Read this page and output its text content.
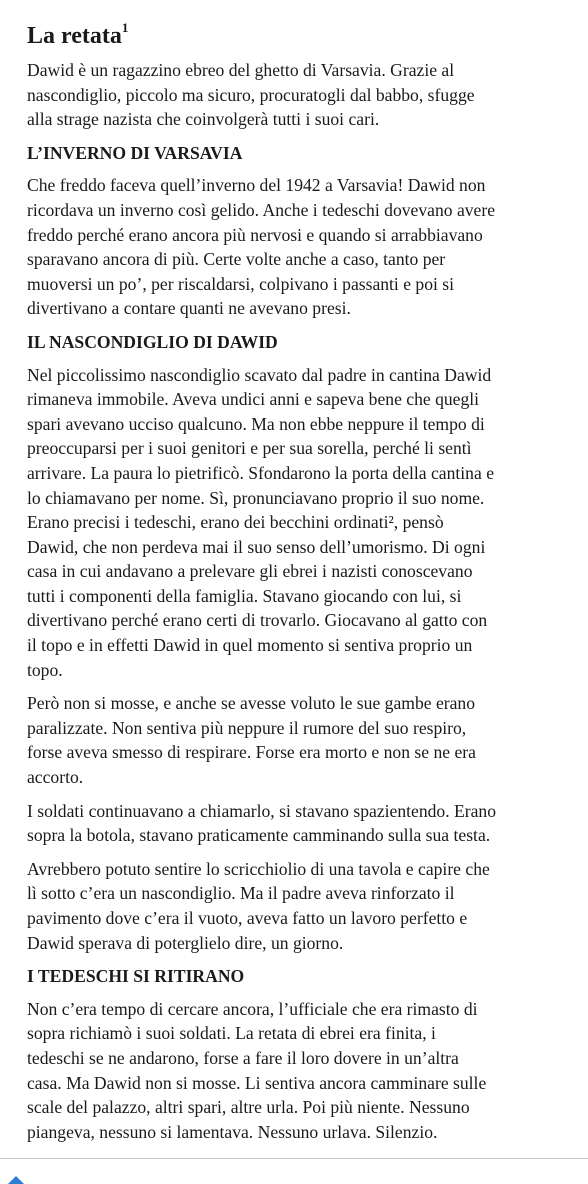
La retata$^1$
Dawid è un ragazzino ebreo del ghetto di Varsavia. Grazie al
nascondiglio, piccolo ma sicuro, procuratogli dal babbo, sfugge
alla strage nazista che coinvolgerà tutti i suoi cari.
L’INVERNO DI VARSAVIA
Che freddo faceva quell’inverno del 1942 a Varsavia! Dawid non
ricordava un inverno così gelido. Anche i tedeschi dovevano avere
freddo perché erano ancora più nervosi e quando si arrabbiavano
sparavano ancora di più. Certe volte anche a caso, tanto per
muoversi un po’, per riscaldarsi, colpivano i passanti e poi si
divertivano a contare quanti ne avevano presi.
IL NASCONDIGLIO DI DAWID
Nel piccolissimo nascondiglio scavato dal padre in cantina Dawid
rimaneva immobile. Aveva undici anni e sapeva bene che quegli
spari avevano ucciso qualcuno. Ma non ebbe neppure il tempo di
preoccuparsi per i suoi genitori e per sua sorella, perché li sentì
arrivare. La paura lo pietrificò. Sfondarono la porta della cantina e
lo chiamavano per nome. Sì, pronunciavano proprio il suo nome.
Erano precisi i tedeschi, erano dei becchini ordinati², pensò
Dawid, che non perdeva mai il suo senso dell’umorismo. Di ogni
casa in cui andavano a prelevare gli ebrei i nazisti conoscevano
tutti i componenti della famiglia. Stavano giocando con lui, si
divertivano perché erano certi di trovarlo. Giocavano al gatto con
il topo e in effetti Dawid in quel momento si sentiva proprio un
topo.
Però non si mosse, e anche se avesse voluto le sue gambe erano
paralizzate. Non sentiva più neppure il rumore del suo respiro,
forse aveva smesso di respirare. Forse era morto e non se ne era
accorto.
I soldati continuavano a chiamarlo, si stavano spazientendo. Erano
sopra la botola, stavano praticamente camminando sulla sua testa.
Avrebbero potuto sentire lo scricchiolio di una tavola e capire che
lì sotto c’era un nascondiglio. Ma il padre aveva rinforzato il
pavimento dove c’era il vuoto, aveva fatto un lavoro perfetto e
Dawid sperava di poterglielo dire, un giorno.
I TEDESCHI SI RITIRANO
Non c’era tempo di cercare ancora, l’ufficiale che era rimasto di
sopra richiamò i suoi soldati. La retata di ebrei era finita, i
tedeschi se ne andarono, forse a fare il loro dovere in un’altra
casa. Ma Dawid non si mosse. Li sentiva ancora camminare sulle
scale del palazzo, altri spari, altre urla. Poi più niente. Nessuno
piangeva, nessuno si lamentava. Nessuno urlava. Silenzio.
